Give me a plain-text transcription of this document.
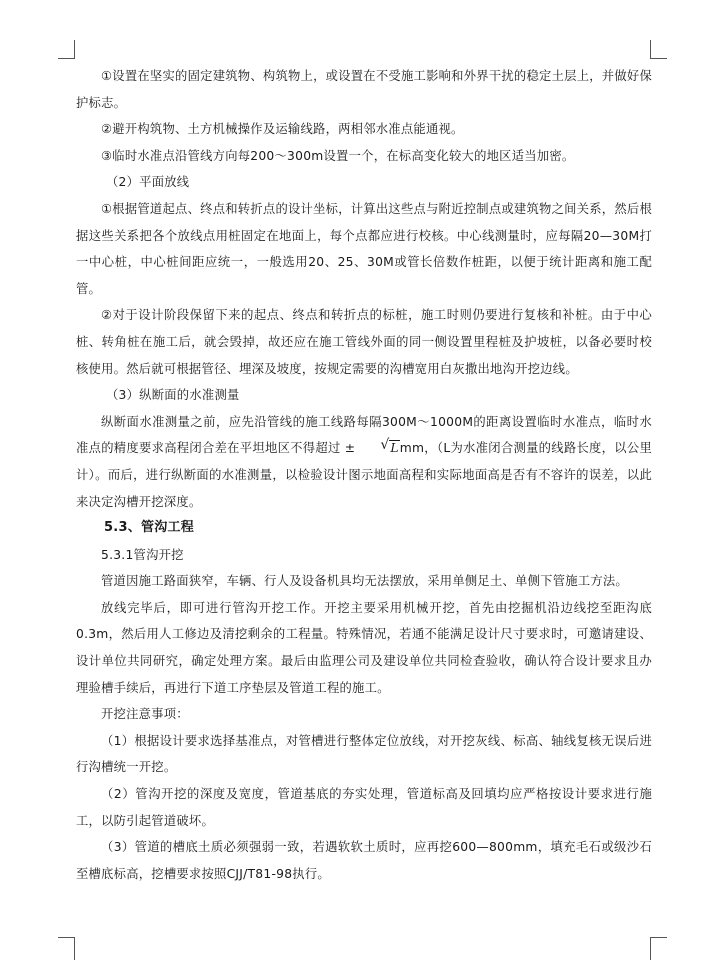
①设置在坚实的固定建筑物、构筑物上，或设置在不受施工影响和外界干扰的稳定土层上，并做好保护标志。

②避开构筑物、土方机械操作及运输线路，两相邻水准点能通视。

③临时水准点沿管线方向每200～300m设置一个，在标高变化较大的地区适当加密。

（2）平面放线

①根据管道起点、终点和转折点的设计坐标，计算出这些点与附近控制点或建筑物之间关系，然后根据这些关系把各个放线点用桩固定在地面上，每个点都应进行校核。中心线测量时，应每隔20—30M打一中心桩，中心桩间距应统一，一般选用20、25、30M或管长倍数作桩距，以便于统计距离和施工配管。

②对于设计阶段保留下来的起点、终点和转折点的标桩，施工时则仍要进行复核和补桩。由于中心桩、转角桩在施工后，就会毁掉，故还应在施工管线外面的同一侧设置里程桩及护坡桩，以备必要时校核使用。然后就可根据管径、埋深及坡度，按规定需要的沟槽宽用白灰撒出地沟开挖边线。

（3）纵断面的水准测量

纵断面水准测量之前，应先沿管线的施工线路每隔300M～1000M的距离设置临时水准点，临时水准点的精度要求高程闭合差在平坦地区不得超过 ±	√ Lmm，（L为水准闭合测量的线路长度，以公里计）。而后，进行纵断面的水准测量，以检验设计图示地面高程和实际地面高是否有不容许的误差，以此来决定沟槽开挖深度。

5.3、管沟工程

5.3.1管沟开挖

管道因施工路面狭窄，车辆、行人及设备机具均无法摆放，采用单侧足土、单侧下管施工方法。

放线完毕后，即可进行管沟开挖工作。开挖主要采用机械开挖，首先由挖掘机沿边线挖至距沟底0.3m，然后用人工修边及清挖剩余的工程量。特殊情况，若通不能满足设计尺寸要求时，可邀请建设、设计单位共同研究，确定处理方案。最后由监理公司及建设单位共同检查验收，确认符合设计要求且办理验槽手续后，再进行下道工序垫层及管道工程的施工。

开挖注意事项：

（1）根据设计要求选择基准点，对管槽进行整体定位放线，对开挖灰线、标高、轴线复核无误后进行沟槽统一开挖。

（2）管沟开挖的深度及宽度，管道基底的夯实处理，管道标高及回填均应严格按设计要求进行施工，以防引起管道破坏。

（3）管道的槽底土质必须强弱一致，若遇软软土质时，应再挖600—800mm，填充毛石或级沙石至槽底标高，挖槽要求按照CJJ/T81-98执行。
